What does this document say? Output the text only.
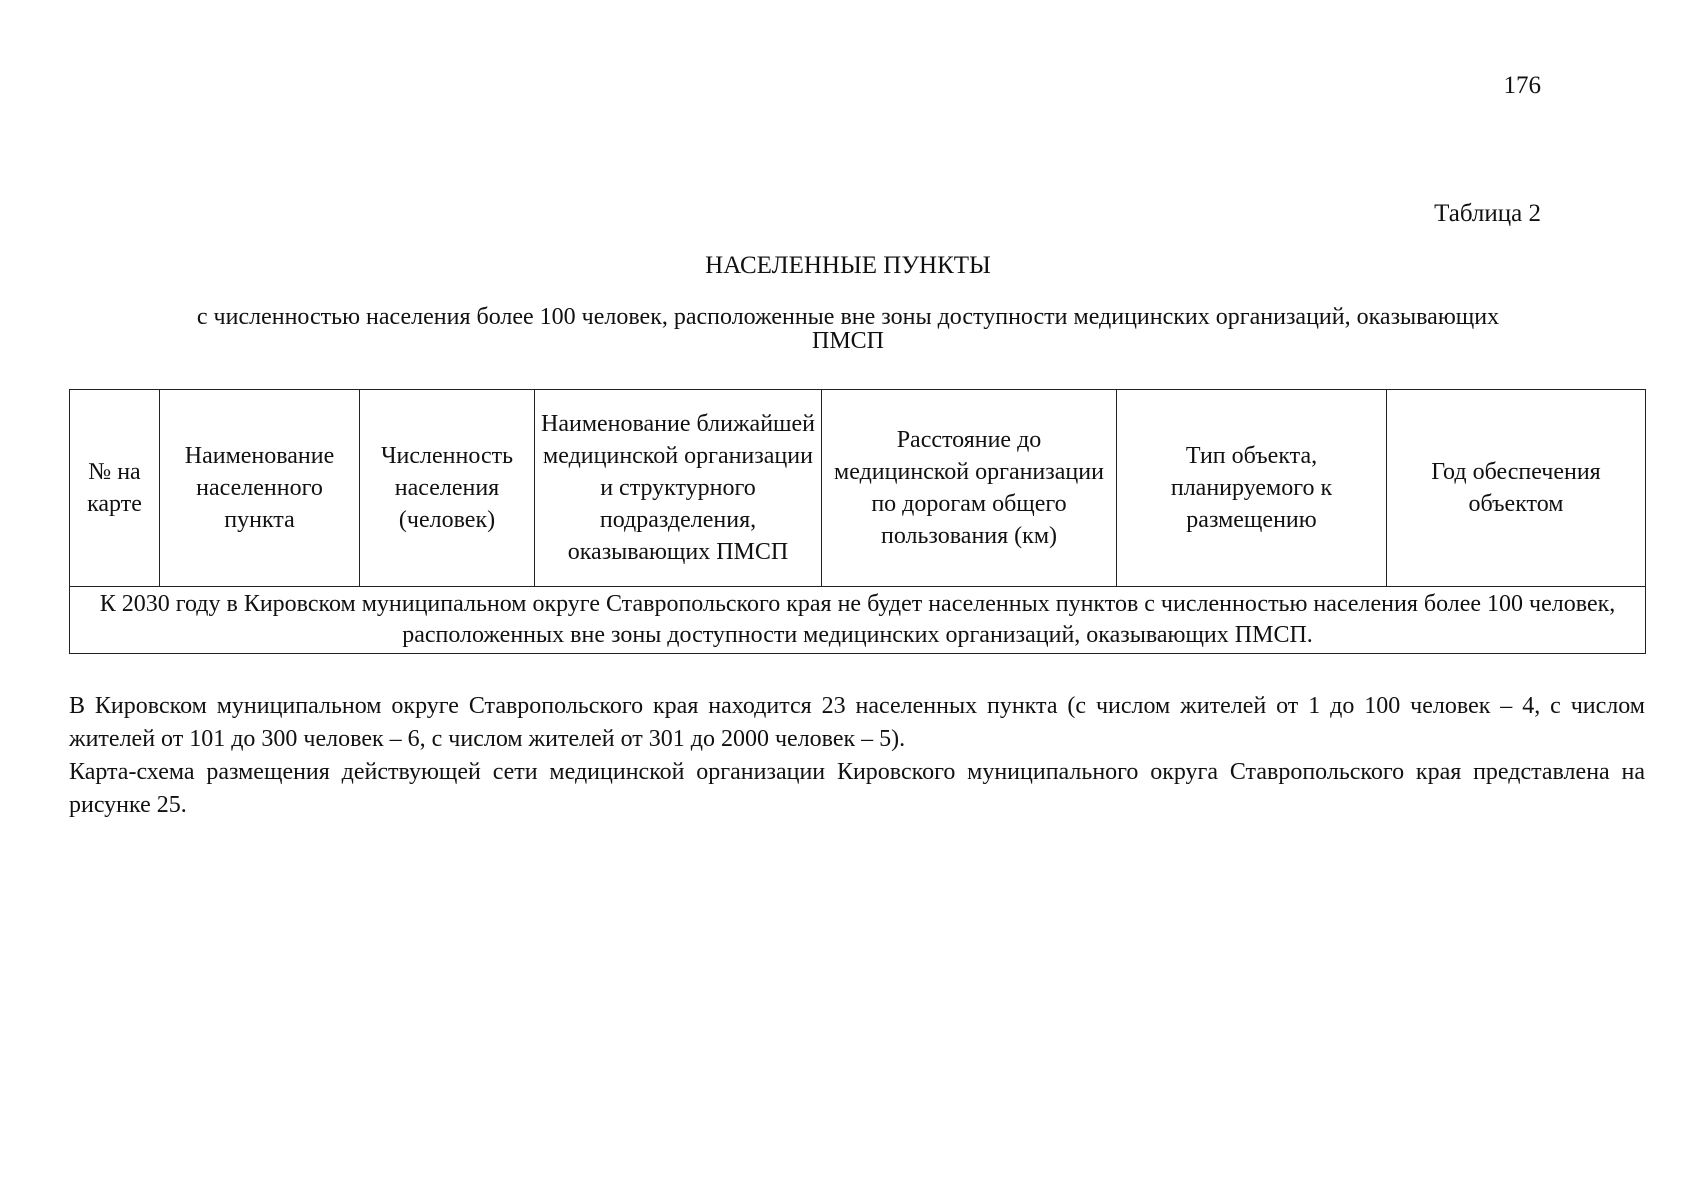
176
Таблица 2
НАСЕЛЕННЫЕ ПУНКТЫ
с численностью населения более 100 человек, расположенные вне зоны доступности медицинских организаций, оказывающих ПМСП
№ на карте	Наименование населенного пункта	Численность населения (человек)	Наименование ближайшей медицинской организации и структурного подразделения, оказывающих ПМСП	Расстояние до медицинской организации по дорогам общего пользования (км)	Тип объекта, планируемого к размещению	Год обеспечения объектом
К 2030 году в Кировском муниципальном округе Ставропольского края не будет населенных пунктов с численностью населения более 100 человек, расположенных вне зоны доступности медицинских организаций, оказывающих ПМСП.

В Кировском муниципальном округе Ставропольского края находится 23 населенных пункта (с числом жителей от 1 до 100 человек – 4, с числом жителей от 101 до 300 человек – 6, с числом жителей от 301 до 2000 человек – 5).

Карта-схема размещения действующей сети медицинской организации Кировского муниципального округа Ставропольского края представлена на рисунке 25.
